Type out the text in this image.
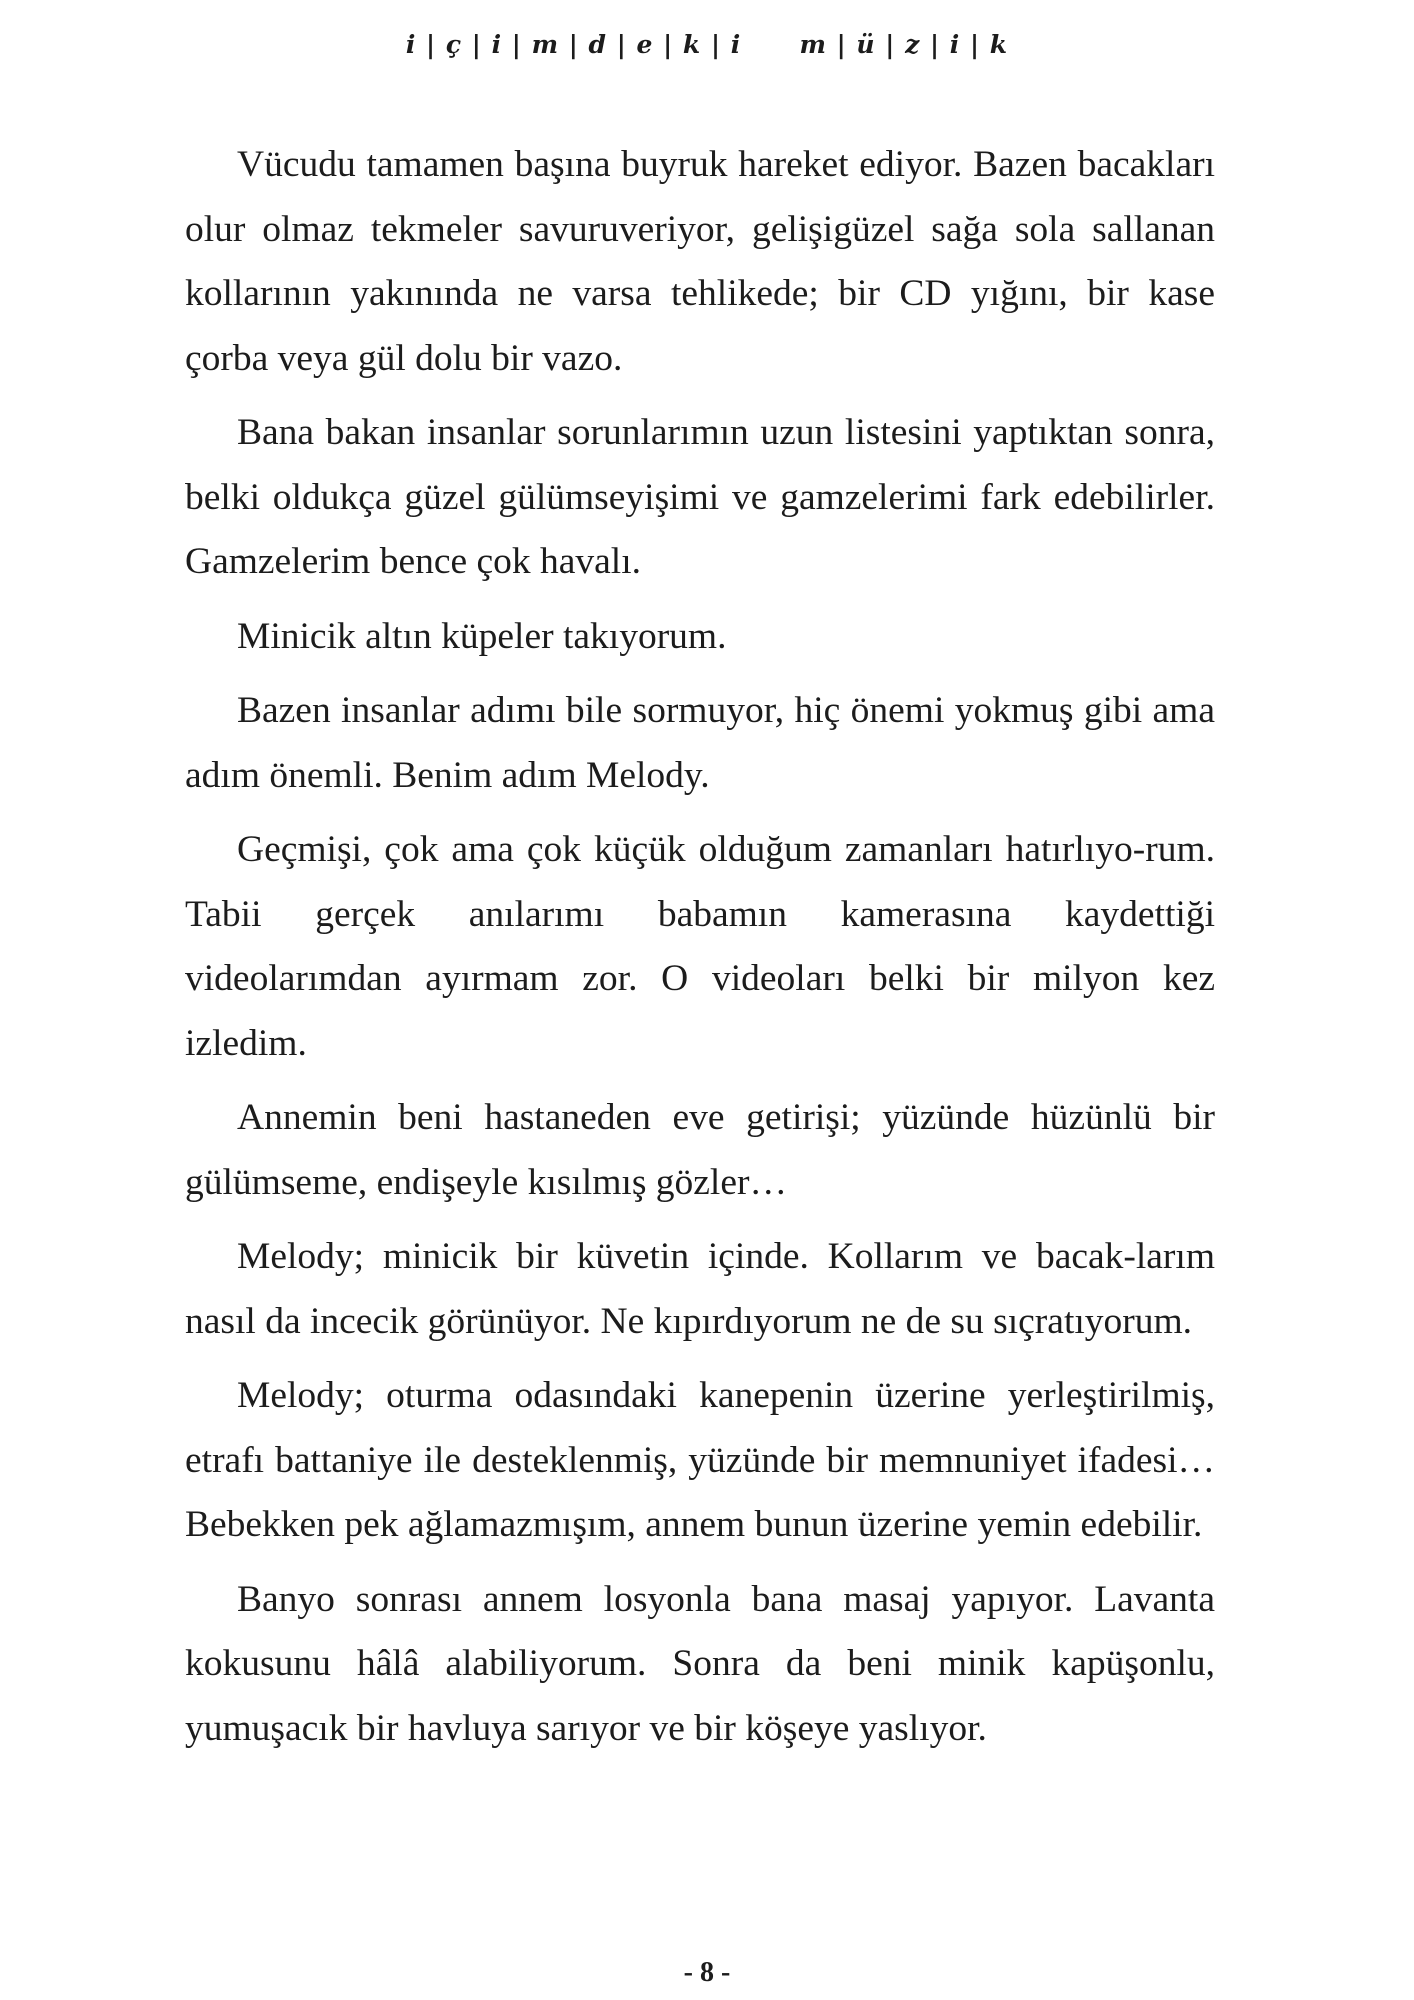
i | ç | i | m | d | e | k | i      m | ü | z | i | k

Vücudu tamamen başına buyruk hareket ediyor. Bazen bacakları olur olmaz tekmeler savuruveriyor, gelişigüzel sağa sola sallanan kollarının yakınında ne varsa tehlikede; bir CD yığını, bir kase çorba veya gül dolu bir vazo.

Bana bakan insanlar sorunlarımın uzun listesini yaptıktan sonra, belki oldukça güzel gülümseyişimi ve gamzelerimi fark edebilirler. Gamzelerim bence çok havalı.

Minicik altın küpeler takıyorum.

Bazen insanlar adımı bile sormuyor, hiç önemi yokmuş gibi ama adım önemli. Benim adım Melody.

Geçmişi, çok ama çok küçük olduğum zamanları hatırlıyo-rum. Tabii gerçek anılarımı babamın kamerasına kaydettiği videolarımdan ayırmam zor. O videoları belki bir milyon kez izledim.

Annemin beni hastaneden eve getirişi; yüzünde hüzünlü bir gülümseme, endişeyle kısılmış gözler…

Melody; minicik bir küvetin içinde. Kollarım ve bacak-larım nasıl da incecik görünüyor. Ne kıpırdıyorum ne de su sıçratıyorum.

Melody; oturma odasındaki kanepenin üzerine yerleştirilmiş, etrafı battaniye ile desteklenmiş, yüzünde bir memnuniyet ifadesi… Bebekken pek ağlamazmışım, annem bunun üzerine yemin edebilir.

Banyo sonrası annem losyonla bana masaj yapıyor. Lavanta kokusunu hâlâ alabiliyorum. Sonra da beni minik kapüşonlu, yumuşacık bir havluya sarıyor ve bir köşeye yaslıyor.

- 8 -
